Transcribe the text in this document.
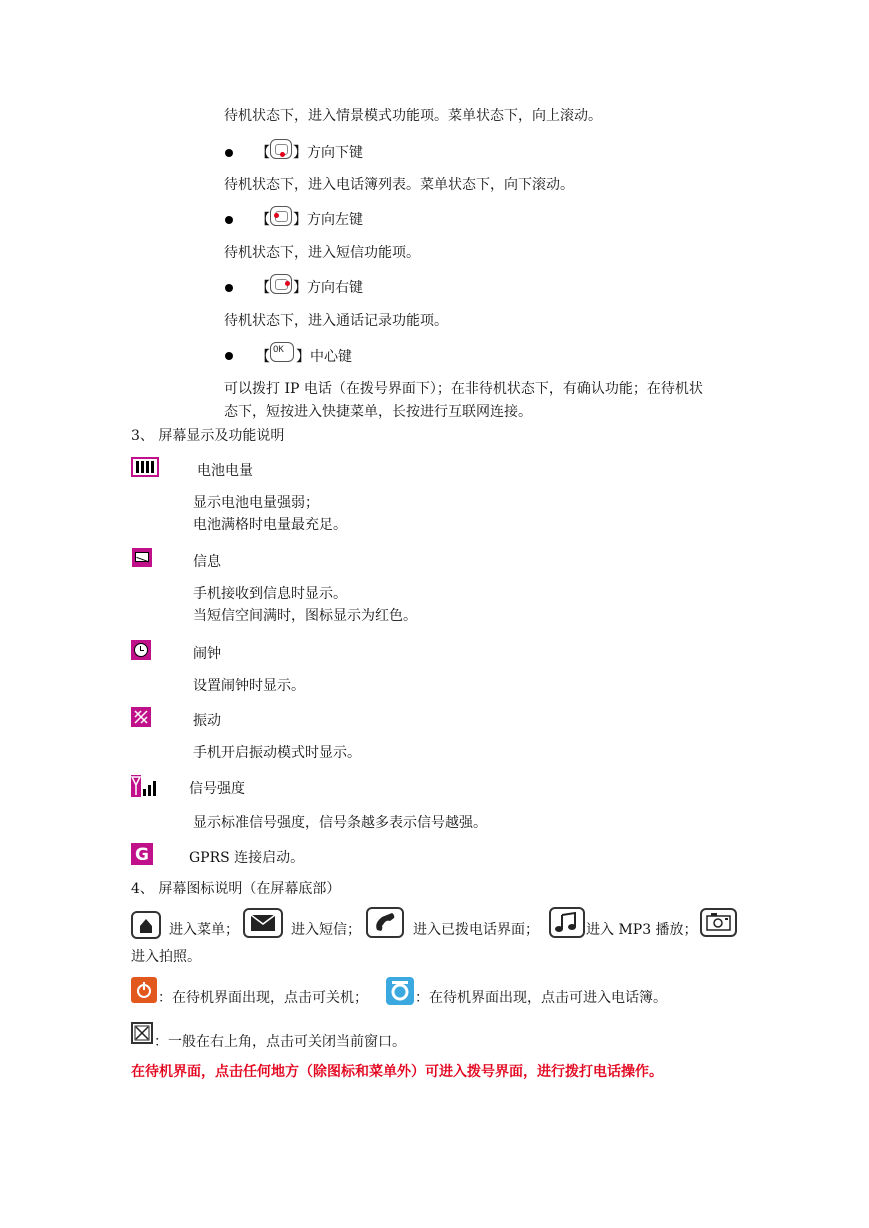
待机状态下，进入情景模式功能项。菜单状态下，向上滚动。
【 】方向下键
待机状态下，进入电话簿列表。菜单状态下，向下滚动。
【 】方向左键
待机状态下，进入短信功能项。
【 】方向右键
待机状态下，进入通话记录功能项。
【 OK 】中心键
可以拨打 IP 电话（在拨号界面下）；在非待机状态下，有确认功能；在待机状
态下，短按进入快捷菜单，长按进行互联网连接。
3、 屏幕显示及功能说明
电池电量
显示电池电量强弱；
电池满格时电量最充足。
信息
手机接收到信息时显示。
当短信空间满时，图标显示为红色。
闹钟
设置闹钟时显示。
振动
手机开启振动模式时显示。
信号强度
显示标准信号强度，信号条越多表示信号越强。
G	GPRS 连接启动。
4、 屏幕图标说明（在屏幕底部）
进入菜单；	进入短信；	进入已拨电话界面；	进入 MP3 播放；
进入拍照。
：在待机界面出现，点击可关机；	：在待机界面出现，点击可进入电话簿。
：一般在右上角，点击可关闭当前窗口。
在待机界面，点击任何地方（除图标和菜单外）可进入拨号界面，进行拨打电话操作。
